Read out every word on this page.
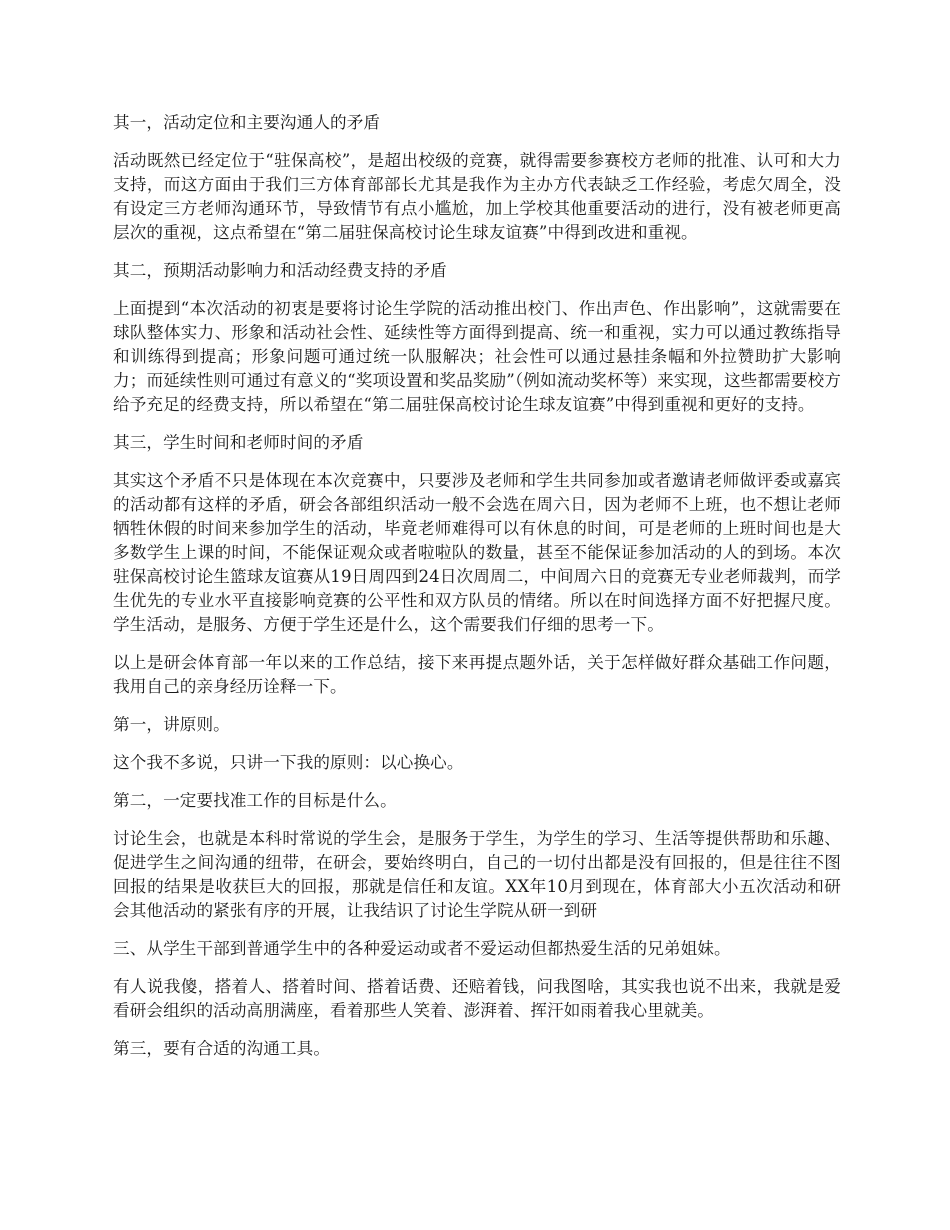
其一，活动定位和主要沟通人的矛盾

活动既然已经定位于“驻保高校”，是超出校级的竞赛，就得需要参赛校方老师的批准、认可和大力支持，而这方面由于我们三方体育部部长尤其是我作为主办方代表缺乏工作经验，考虑欠周全，没有设定三方老师沟通环节，导致情节有点小尴尬，加上学校其他重要活动的进行，没有被老师更高层次的重视，这点希望在“第二届驻保高校讨论生球友谊赛”中得到改进和重视。

其二，预期活动影响力和活动经费支持的矛盾

上面提到“本次活动的初衷是要将讨论生学院的活动推出校门、作出声色、作出影响”，这就需要在球队整体实力、形象和活动社会性、延续性等方面得到提高、统一和重视，实力可以通过教练指导和训练得到提高；形象问题可通过统一队服解决；社会性可以通过悬挂条幅和外拉赞助扩大影响力；而延续性则可通过有意义的“奖项设置和奖品奖励”（例如流动奖杯等）来实现，这些都需要校方给予充足的经费支持，所以希望在“第二届驻保高校讨论生球友谊赛”中得到重视和更好的支持。

其三，学生时间和老师时间的矛盾

其实这个矛盾不只是体现在本次竞赛中，只要涉及老师和学生共同参加或者邀请老师做评委或嘉宾的活动都有这样的矛盾，研会各部组织活动一般不会选在周六日，因为老师不上班，也不想让老师牺牲休假的时间来参加学生的活动，毕竟老师难得可以有休息的时间，可是老师的上班时间也是大多数学生上课的时间，不能保证观众或者啦啦队的数量，甚至不能保证参加活动的人的到场。本次驻保高校讨论生篮球友谊赛从19日周四到24日次周周二，中间周六日的竞赛无专业老师裁判，而学生优先的专业水平直接影响竞赛的公平性和双方队员的情绪。所以在时间选择方面不好把握尺度。学生活动，是服务、方便于学生还是什么，这个需要我们仔细的思考一下。

以上是研会体育部一年以来的工作总结，接下来再提点题外话，关于怎样做好群众基础工作问题，我用自己的亲身经历诠释一下。

第一，讲原则。

这个我不多说，只讲一下我的原则：以心换心。

第二，一定要找准工作的目标是什么。

讨论生会，也就是本科时常说的学生会，是服务于学生，为学生的学习、生活等提供帮助和乐趣、促进学生之间沟通的纽带，在研会，要始终明白，自己的一切付出都是没有回报的，但是往往不图回报的结果是收获巨大的回报，那就是信任和友谊。XX年10月到现在，体育部大小五次活动和研会其他活动的紧张有序的开展，让我结识了讨论生学院从研一到研

三、从学生干部到普通学生中的各种爱运动或者不爱运动但都热爱生活的兄弟姐妹。

有人说我傻，搭着人、搭着时间、搭着话费、还赔着钱，问我图啥，其实我也说不出来，我就是爱看研会组织的活动高朋满座，看着那些人笑着、澎湃着、挥汗如雨着我心里就美。

第三，要有合适的沟通工具。
